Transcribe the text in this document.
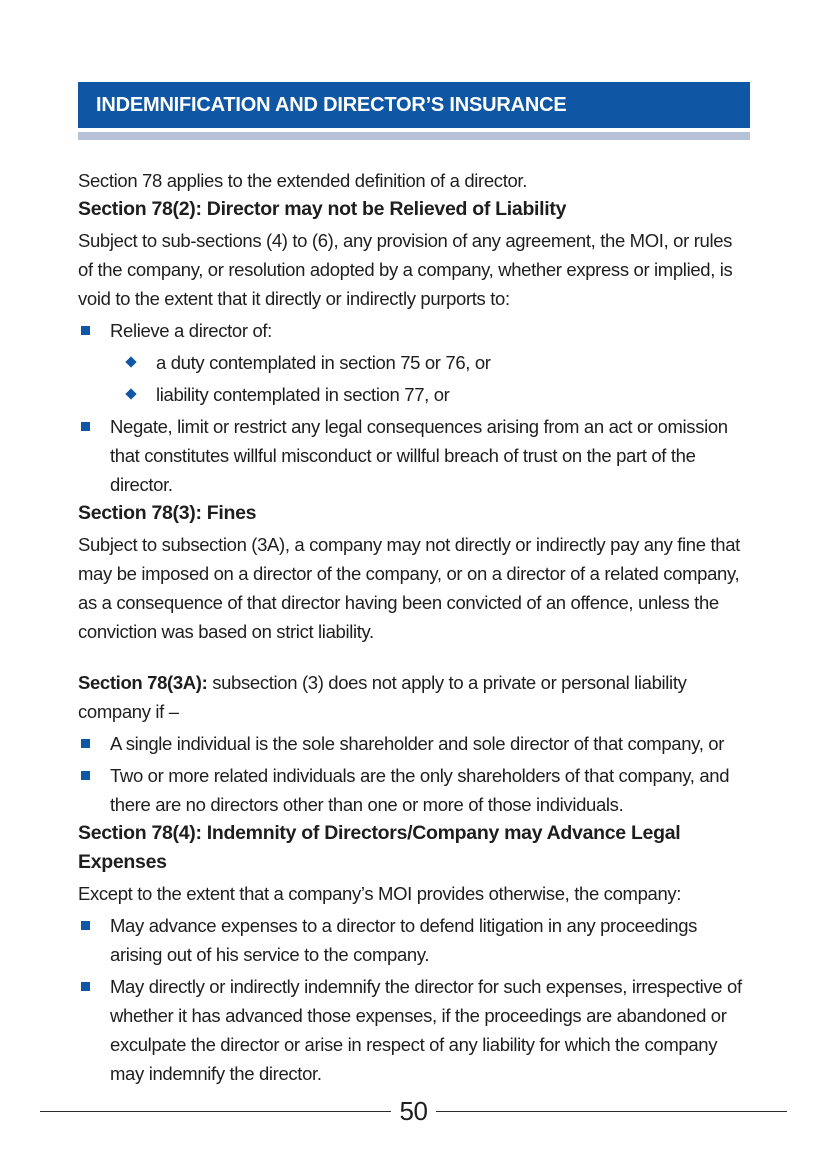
INDEMNIFICATION AND DIRECTOR’S INSURANCE

Section 78 applies to the extended definition of a director.

Section 78(2): Director may not be Relieved of Liability

Subject to sub-sections (4) to (6), any provision of any agreement, the MOI, or rules of the company, or resolution adopted by a company, whether express or implied, is void to the extent that it directly or indirectly purports to:

Relieve a director of:
a duty contemplated in section 75 or 76, or
liability contemplated in section 77, or
Negate, limit or restrict any legal consequences arising from an act or omission that constitutes willful misconduct or willful breach of trust on the part of the director.
Section 78(3): Fines

Subject to subsection (3A), a company may not directly or indirectly pay any fine that may be imposed on a director of the company, or on a director of a related company, as a consequence of that director having been convicted of an offence, unless the conviction was based on strict liability.

Section 78(3A): subsection (3) does not apply to a private or personal liability company if –

A single individual is the sole shareholder and sole director of that company, or
Two or more related individuals are the only shareholders of that company, and there are no directors other than one or more of those individuals.
Section 78(4): Indemnity of Directors/Company may Advance Legal Expenses

Except to the extent that a company’s MOI provides otherwise, the company:

May advance expenses to a director to defend litigation in any proceedings arising out of his service to the company.
May directly or indirectly indemnify the director for such expenses, irrespective of whether it has advanced those expenses, if the proceedings are abandoned or exculpate the director or arise in respect of any liability for which the company may indemnify the director.
50
